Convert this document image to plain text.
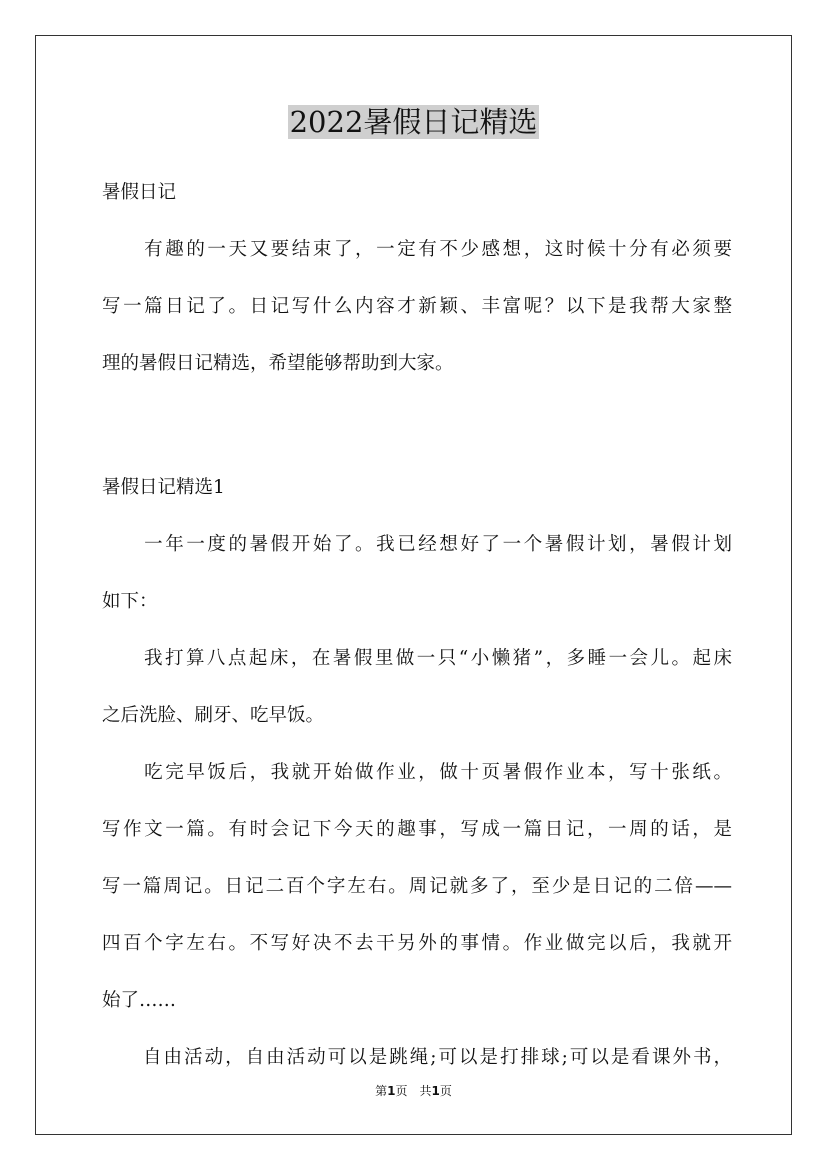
2022暑假日记精选
暑假日记
　　有趣的一天又要结束了，一定有不少感想，这时候十分有必须要
写一篇日记了。日记写什么内容才新颖、丰富呢？以下是我帮大家整
理的暑假日记精选，希望能够帮助到大家。
暑假日记精选1
　　一年一度的暑假开始了。我已经想好了一个暑假计划，暑假计划
如下：
　　我打算八点起床，在暑假里做一只“小懒猪”，多睡一会儿。起床
之后洗脸、刷牙、吃早饭。
　　吃完早饭后，我就开始做作业，做十页暑假作业本，写十张纸。
写作文一篇。有时会记下今天的趣事，写成一篇日记，一周的话，是
写一篇周记。日记二百个字左右。周记就多了，至少是日记的二倍——
四百个字左右。不写好决不去干另外的事情。作业做完以后，我就开
始了……
　　自由活动，自由活动可以是跳绳;可以是打排球;可以是看课外书，
第1页　共1页
